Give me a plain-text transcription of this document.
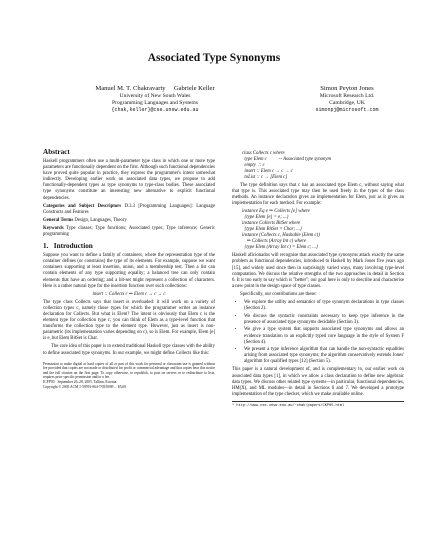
Associated Type Synonyms
Manuel M. T. Chakravarty     Gabriele Keller
University of New South Wales
Programming Languages and Systems
{chak,keller}@cse.unsw.edu.au
Simon Peyton Jones
Microsoft Research Ltd.
Cambridge, UK
simonpj@microsoft.com
Abstract

Haskell programmers often use a multi-parameter type class in which one or more type parameters are functionally dependent on the first. Although such functional dependencies have proved quite popular in practice, they express the programmer's intent somewhat indirectly. Developing earlier work on associated data types, we propose to add functionally-dependent types as type synonyms to type-class bodies. These associated type synonyms constitute an interesting new alternative to explicit functional dependencies.

Categories and Subject Descriptors D.3.3 [Programming Languages]: Language Constructs and Features

General Terms Design, Languages, Theory

Keywords Type classes; Type functions; Associated types; Type inference; Generic programming

1.   Introduction

Suppose you want to define a family of containers, where the representation type of the container defines (or constrains) the type of its elements. For example, suppose we want containers supporting at least insertion, union, and a membership test. Then a list can contain elements of any type supporting equality; a balanced tree can only contain elements that have an ordering; and a bit-set might represent a collection of characters. Here is a rather natural type for the insertion function over such collections:

insert :: Collects c ⇒ Elem c → c → c

The type class Collects says that insert is overloaded: it will work on a variety of collection types c, namely those types for which the programmer writes an instance declaration for Collects. But what is Elem? The intent is obviously that Elem c is the element type for collection type c; you can think of Elem as a type-level function that transforms the collection type to the element type. However, just as insert is non-parametric (its implementation varies depending on c), so is Elem. For example, Elem [e] is e, but Elem BitSet is Char.

The core idea of this paper is to extend traditional Haskell type classes with the ability to define associated type synonyms. In our example, we might define Collects like this:

Permission to make digital or hard copies of all or part of this work for personal or classroom use is granted without fee provided that copies are not made or distributed for profit or commercial advantage and that copies bear this notice and the full citation on the first page. To copy otherwise, to republish, to post on servers or to redistribute to lists, requires prior specific permission and/or a fee.
ICFP'05   September 26–28, 2005, Tallinn, Estonia.
Copyright © 2005 ACM 1-59593-064-7/05/0009 ... $5.00
class Collects c where
type Elem c          -- Associated type synonym
empty  :: c
insert :: Elem c → c → c
toList :: c → [Elem c]

The type definition says that c has an associated type Elem c, without saying what that type is. This associated type may then be used freely in the types of the class methods. An instance declaration gives an implementation for Elem, just as it gives an implementation for each method. For example:

instance Eq e ⇒ Collects [e] where
{type Elem [e] = e; ...}
instance Collects BitSet where
{type Elem BitSet = Char; ...}
instance (Collects c, Hashable (Elem c))
⇒ Collects (Array Int c) where
{type Elem (Array Int c) = Elem c; ...}

Haskell aficionados will recognise that associated type synonyms attack exactly the same problem as functional dependencies, introduced to Haskell by Mark Jones five years ago [15], and widely used since then in surprisingly varied ways, many involving type-level computation. We discuss the relative strengths of the two approaches in detail in Section 6. It is too early to say which is "better"; our goal here is only to describe and characterise a new point in the design space of type classes.

Specifically, our contributions are these:

• We explore the utility and semantics of type synonym declarations in type classes (Section 2).
• We discuss the syntactic constraints necessary to keep type inference in the presence of associated type synonyms decidable (Section 3).
• We give a type system that supports associated type synonyms and allows an evidence translation to an explicitly typed core language in the style of System F (Section 4).
• We present a type inference algorithm that can handle the non-syntactic equalities arising from associated type synonyms; the algorithm conservatively extends Jones' algorithm for qualified types [12] (Section 5).

This paper is a natural development of, and is complementary to, our earlier work on associated data types [1], in which we allow a class declaration to define new algebraic data types. We discuss other related type systems—in particular, functional dependencies, HM(X), and ML modules—in detail in Sections 6 and 7. We developed a prototype implementation of the type checker, which we make available online.

¹ http://www.cse.unsw.edu.au/~chak/papers/CKP05.html
